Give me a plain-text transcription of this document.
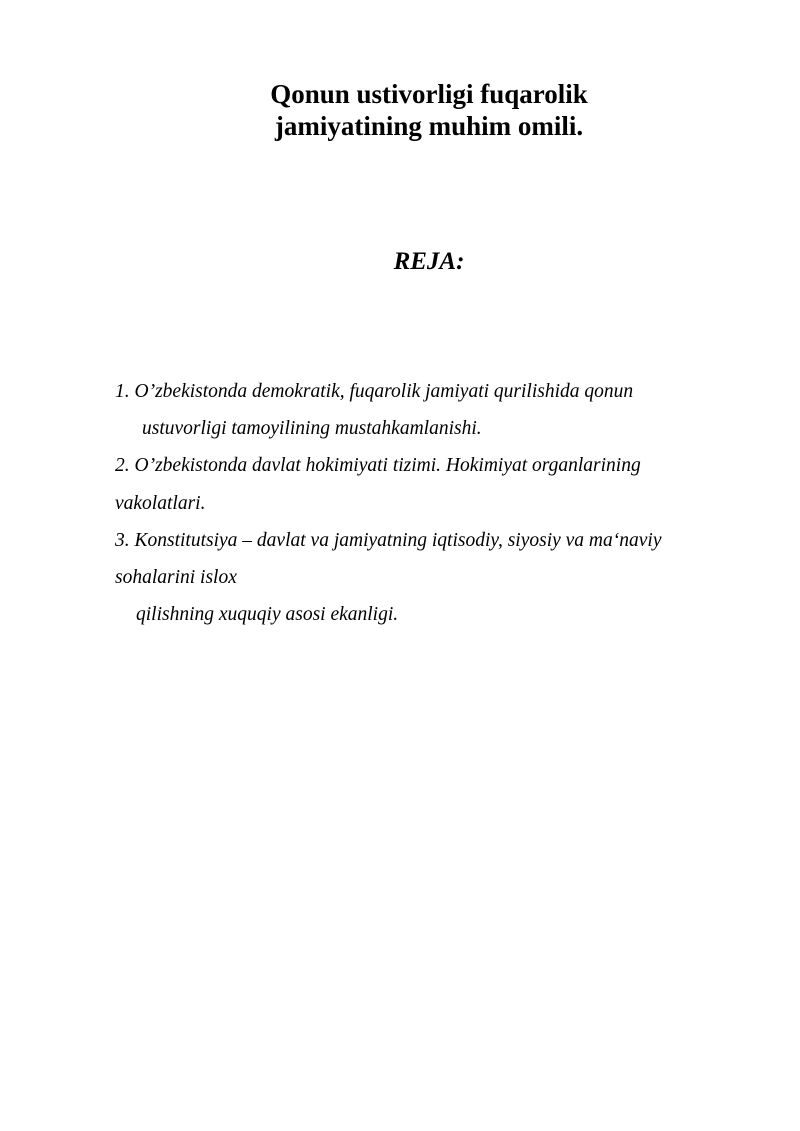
Qonun ustivorligi fuqarolik
jamiyatining muhim omili.
REJA:
1. O’zbekistonda demokratik, fuqarolik jamiyati qurilishida qonun
ustuvorligi tamoyilining mustahkamlanishi.
2. O’zbekistonda davlat hokimiyati tizimi. Hokimiyat organlarining
vakolatlari.
3. Konstitutsiya – davlat va jamiyatning iqtisodiy, siyosiy va ma‘naviy
sohalarini islox
qilishning xuquqiy asosi ekanligi.
